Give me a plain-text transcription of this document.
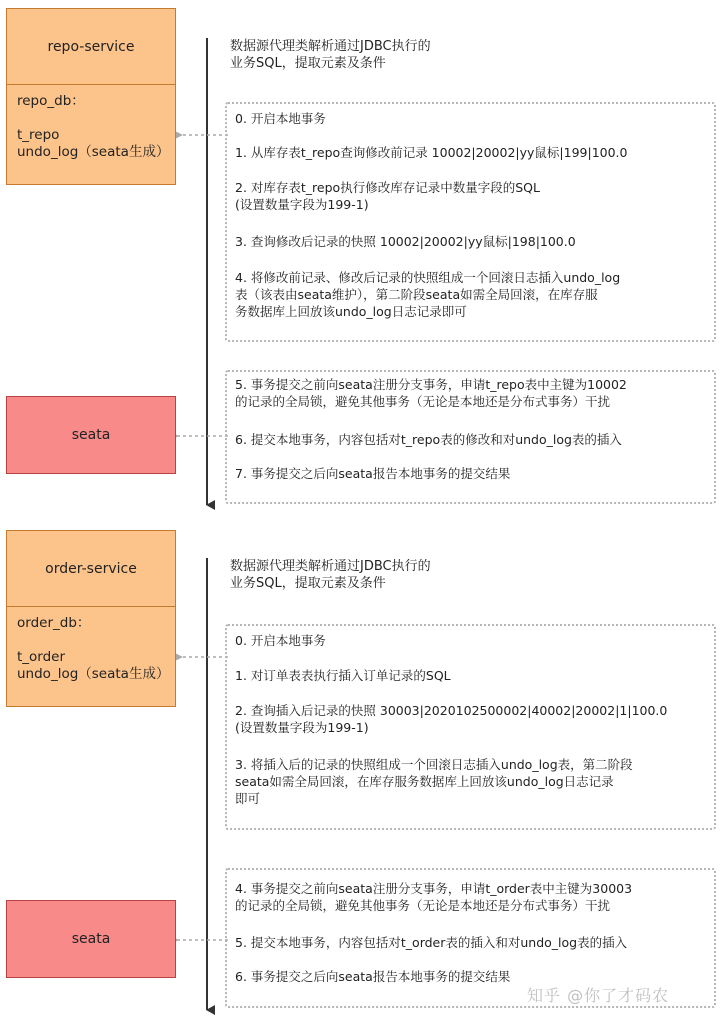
repo-service
repo_db：

t_repo
undo_log（seata生成）
seata
数据源代理类解析通过JDBC执行的
业务SQL，提取元素及条件
0. 开启本地事务
1. 从库存表t_repo查询修改前记录 10002|20002|yy鼠标|199|100.0
2. 对库存表t_repo执行修改库存记录中数量字段的SQL
(设置数量字段为199-1)
3. 查询修改后记录的快照 10002|20002|yy鼠标|198|100.0
4. 将修改前记录、修改后记录的快照组成一个回滚日志插入undo_log
表（该表由seata维护），第二阶段seata如需全局回滚，在库存服
务数据库上回放该undo_log日志记录即可
5. 事务提交之前向seata注册分支事务，申请t_repo表中主键为10002
的记录的全局锁，避免其他事务（无论是本地还是分布式事务）干扰
6. 提交本地事务，内容包括对t_repo表的修改和对undo_log表的插入
7. 事务提交之后向seata报告本地事务的提交结果
order-service
order_db：

t_order
undo_log（seata生成）
seata
数据源代理类解析通过JDBC执行的
业务SQL，提取元素及条件
0. 开启本地事务
1. 对订单表表执行插入订单记录的SQL
2. 查询插入后记录的快照 30003|2020102500002|40002|20002|1|100.0
(设置数量字段为199-1)
3. 将插入后的记录的快照组成一个回滚日志插入undo_log表，第二阶段
seata如需全局回滚，在库存服务数据库上回放该undo_log日志记录
即可
4. 事务提交之前向seata注册分支事务，申请t_order表中主键为30003
的记录的全局锁，避免其他事务（无论是本地还是分布式事务）干扰
5. 提交本地事务，内容包括对t_order表的插入和对undo_log表的插入
6. 事务提交之后向seata报告本地事务的提交结果
知乎 @你了才码农
